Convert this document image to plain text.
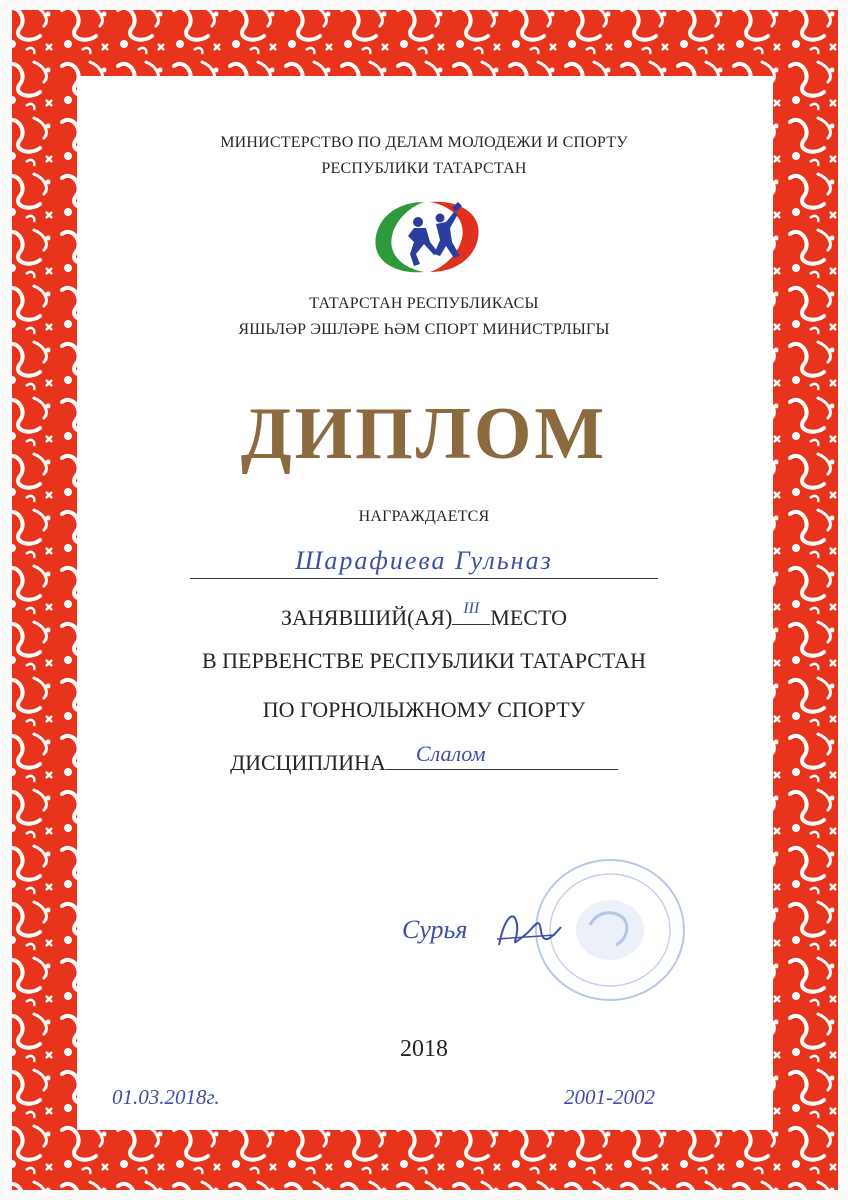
МИНИСТЕРСТВО ПО ДЕЛАМ МОЛОДЕЖИ И СПОРТУ
РЕСПУБЛИКИ ТАТАРСТАН
ТАТАРСТАН РЕСПУБЛИКАСЫ
ЯШЬЛӘР ЭШЛӘРЕ ҺӘМ СПОРТ МИНИСТРЛЫГЫ
ДИПЛОМ
НАГРАЖДАЕТСЯ
Шарафиева Гульназ
ЗАНЯВШИЙ(АЯ) III МЕСТО
В ПЕРВЕНСТВЕ РЕСПУБЛИКИ ТАТАРСТАН
ПО ГОРНОЛЫЖНОМУ СПОРТУ
ДИСЦИПЛИНА Слалом
Сурья
2018
01.03.2018г.	2001-2002
